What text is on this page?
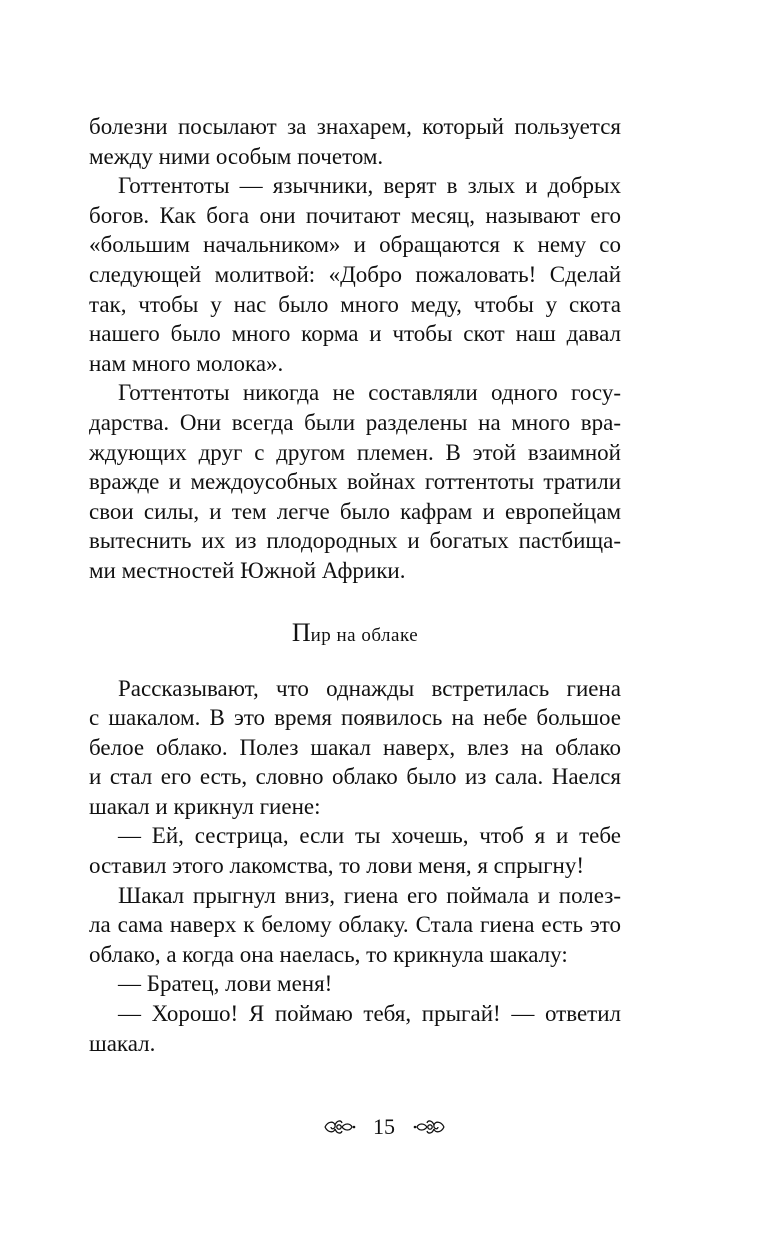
болезни посылают за знахарем, который пользуется
между ними особым почетом.
Готтентоты — язычники, верят в злых и добрых
богов. Как бога они почитают месяц, называют его
«большим начальником» и обращаются к нему со
следующей молитвой: «Добро пожаловать! Сделай
так, чтобы у нас было много меду, чтобы у скота
нашего было много корма и чтобы скот наш давал
нам много молока».
Готтентоты никогда не составляли одного госу-
дарства. Они всегда были разделены на много вра-
ждующих друг с другом племен. В этой взаимной
вражде и междоусобных войнах готтентоты тратили
свои силы, и тем легче было кафрам и европейцам
вытеснить их из плодородных и богатых пастбища-
ми местностей Южной Африки.
Пир на облаке
Рассказывают, что однажды встретилась гиена
с шакалом. В это время появилось на небе большое
белое облако. Полез шакал наверх, влез на облако
и стал его есть, словно облако было из сала. Наелся
шакал и крикнул гиене:
— Ей, сестрица, если ты хочешь, чтоб я и тебе
оставил этого лакомства, то лови меня, я спрыгну!
Шакал прыгнул вниз, гиена его поймала и полез-
ла сама наверх к белому облаку. Стала гиена есть это
облако, а когда она наелась, то крикнула шакалу:
— Братец, лови меня!
— Хорошо! Я поймаю тебя, прыгай! — ответил
шакал.
15
